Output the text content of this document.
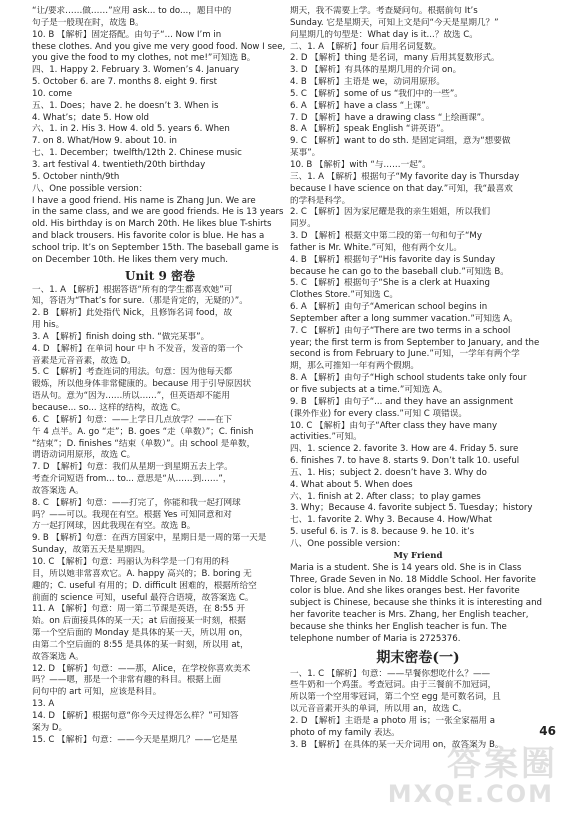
“让/要求……做……”应用 ask... to do...，题目中的
句子是一般现在时，故选 B。
10. B 【解析】固定搭配。由句子“... Now I’m in
these clothes. And you give me very good food. Now I see,
you give the food to my clothes, not me!”可知选 B。
四、1. Happy 2. February 3. Women’s 4. January
5. October 6. are 7. months 8. eight 9. first
10. come
五、1. Does；have 2. he doesn’t 3. When is
4. What’s；date 5. How old
六、1. in 2. His 3. How 4. old 5. years 6. When
7. on 8. What/How 9. about 10. in
七、1. December；twelfth/12th 2. Chinese music
3. art festival 4. twentieth/20th birthday
5. October ninth/9th
八、One possible version：
I have a good friend. His name is Zhang Jun. We are
in the same class, and we are good friends. He is 13 years
old. His birthday is on March 20th. He likes blue T-shirts
and black trousers. His favorite color is blue. He has a
school trip. It’s on September 15th. The baseball game is
on December 10th. He likes them very much.
Unit 9 密卷
一、1. A 【解析】根据答语“所有的学生都喜欢她”可
知，答语为“That’s for sure.（那是肯定的，无疑的）”。
2. B 【解析】此处指代 Nick，且修饰名词 food，故
用 his。
3. A 【解析】finish doing sth. “做完某事”。
4. D 【解析】在单词 hour 中 h 不发音，发音的第一个
音素是元音音素，故选 D。
5. C 【解析】考查连词的用法。句意：因为他每天都
锻炼，所以他身体非常健康的。because 用于引导原因状
语从句。意为“因为……所以……”，但英语却不能用
because... so... 这样的结构，故选 C。
6. C 【解析】句意：——上学日几点放学？——在下
午 4 点半。A. go “走”；B. goes “走（单数）”；C. finish
“结束”；D. finishes “结束（单数）”。由 school 是单数，
谓语动词用原形，故选 C。
7. D 【解析】句意：我们从星期一到星期五去上学。
考查介词短语 from... to... 意思是“从……到……”，
故答案选 A。
8. C 【解析】句意：——打完了，你能和我一起打网球
吗？——可以。我现在有空。根据 Yes 可知同意和对
方一起打网球，因此我现在有空。故选 B。
9. B 【解析】句意：在西方国家中，星期日是一周的第一天是
Sunday，故第五天是星期四。
10. C 【解析】句意：玛丽认为科学是一门有用的科
目，所以她非常喜欢它。A. happy 高兴的；B. boring 无
趣的；C. useful 有用的；D. difficult 困难的，根据所给空
前面的 science 可知，useful 最符合语境，故答案选 C。
11. A 【解析】句意：周一第二节课是英语，在 8:55 开
始。on 后面接具体的某一天；at 后面接某一时刻，根据
第一个空后面的 Monday 是具体的某一天，所以用 on，
由第二个空后面的 8:55 是具体的某一时刻，所以用 at，
故答案选 A。
12. D 【解析】句意：——那，Alice，在学校你喜欢美术
吗？——嗯，那是一个非常有趣的科目。根据上面
问句中的 art 可知，应该是科目。
13. A
14. D 【解析】根据句意“你今天过得怎么样？”可知答
案为 D。
15. C 【解析】句意：——今天是星期几？——它是星
期天，我不需要上学。考查疑问句。根据前句 It’s
Sunday. 它是星期天，可知上文是问“今天是星期几？”
问星期几的句型是：What day is it...？故选 C。
二、1. A 【解析】four 后用名词复数。
2. D 【解析】thing 是名词，many 后用其复数形式。
3. D 【解析】有具体的星期几用的介词 on。
4. B 【解析】主语是 we，动词用原形。
5. C 【解析】some of us “我们中的一些”。
6. A 【解析】have a class “上课”。
7. D 【解析】have a drawing class “上绘画课”。
8. A 【解析】speak English “讲英语”。
9. C 【解析】want to do sth. 是固定词组，意为“想要做
某事”。
10. B 【解析】with “与……一起”。
三、1. A 【解析】根据句子“My favorite day is Thursday
because I have science on that day.”可知，我“最喜欢
的学科是科学。
2. C 【解析】因为家尼耀是我的亲生姐姐，所以我们
同岁。
3. D 【解析】根据文中第二段的第一句和句子“My
father is Mr. White.”可知，他有两个女儿。
4. B 【解析】根据句子“His favorite day is Sunday
because he can go to the baseball club.”可知选 B。
5. C 【解析】根据句子“She is a clerk at Huaxing
Clothes Store.”可知选 C。
6. A 【解析】由句子“American school begins in
September after a long summer vacation.”可知选 A。
7. C 【解析】由句子“There are two terms in a school
year; the first term is from September to January, and the
second is from February to June.”可知，一学年有两个学
期，那么可推知一年有两个假期。
8. A 【解析】由句子“High school students take only four
or five subjects at a time.”可知选 A。
9. B 【解析】由句子“... and they have an assignment
(课外作业) for every class.”可知 C 项错误。
10. C 【解析】由句子“After class they have many
activities.”可知。
四、1. science 2. favorite 3. How are 4. Friday 5. sure
6. finishes 7. to have 8. starts 9. Don’t talk 10. useful
五、1. His；subject 2. doesn’t have 3. Why do
4. What about 5. When does
六、1. finish at 2. After class；to play games
3. Why；Because 4. favorite subject 5. Tuesday；history
七、1. favorite 2. Why 3. Because 4. How/What
5. useful 6. is 7. is 8. because 9. he 10. it’s
八、One possible version：
My Friend
Maria is a student. She is 14 years old. She is in Class
Three, Grade Seven in No. 18 Middle School. Her favorite
color is blue. And she likes oranges best. Her favorite
subject is Chinese, because she thinks it is interesting and
her favorite teacher is Mrs. Zhang, her English teacher,
because she thinks her English teacher is fun. The
telephone number of Maria is 2725376.
期末密卷(一)
一、1. C 【解析】句意：——早餐你想吃什么？——
些牛奶和一个鸡蛋。考查冠词。由于三餐前不加冠词，
所以第一个空用零冠词，第二个空 egg 是可数名词，且
以元音音素开头的单词，所以用 an，故选 C。
2. D 【解析】主语是 a photo 用 is；一张全家福用 a
photo of my family 表达。
3. B 【解析】在具体的某一天介词用 on，故答案为 B。
46
答案圈
MXQE.COM
